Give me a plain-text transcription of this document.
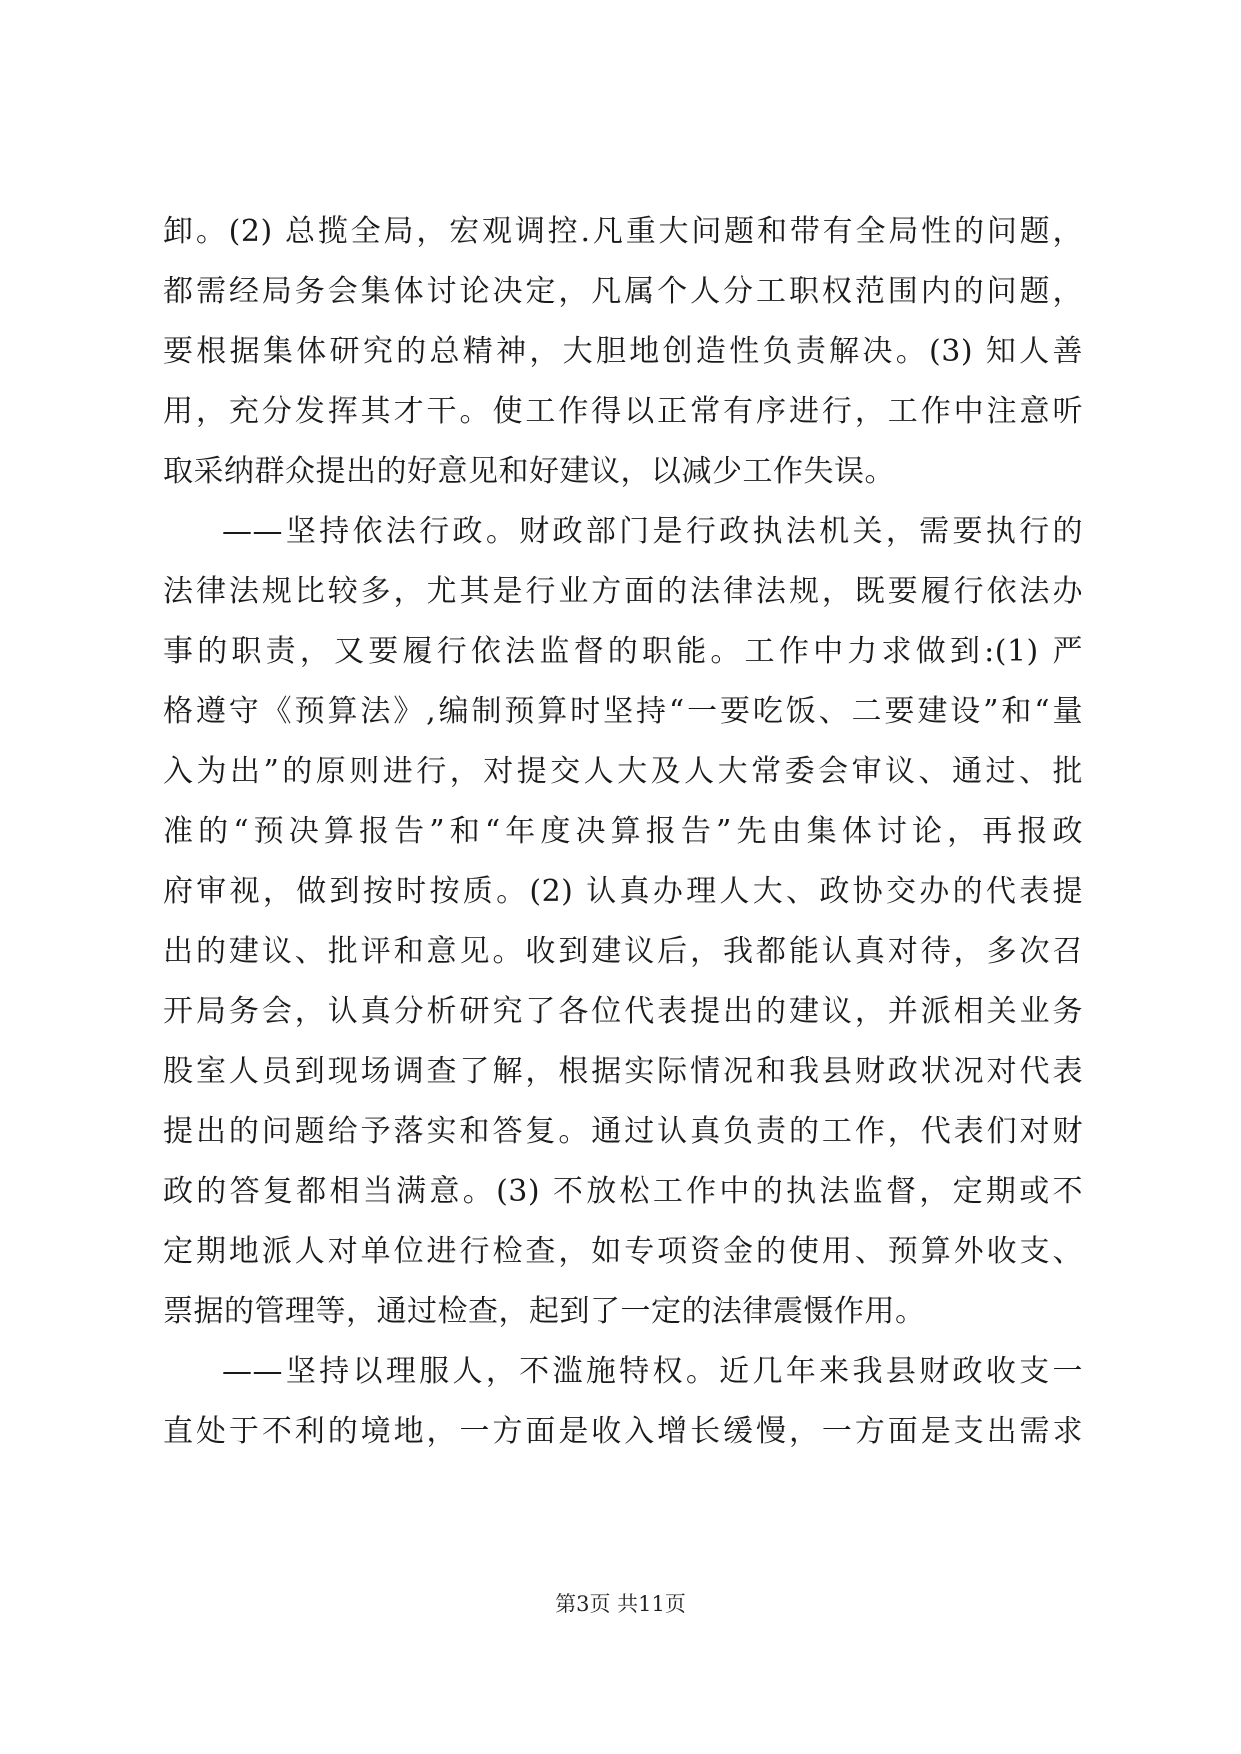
卸。(2) 总揽全局，宏观调控.凡重大问题和带有全局性的问题，
都需经局务会集体讨论决定，凡属个人分工职权范围内的问题，
要根据集体研究的总精神，大胆地创造性负责解决。(3) 知人善
用，充分发挥其才干。使工作得以正常有序进行，工作中注意听
取采纳群众提出的好意见和好建议，以减少工作失误。
——坚持依法行政。财政部门是行政执法机关，需要执行的
法律法规比较多，尤其是行业方面的法律法规，既要履行依法办
事的职责，又要履行依法监督的职能。工作中力求做到:(1) 严
格遵守《预算法》,编制预算时坚持“一要吃饭、二要建设”和“量
入为出”的原则进行，对提交人大及人大常委会审议、通过、批
准的“预决算报告”和“年度决算报告”先由集体讨论，再报政
府审视，做到按时按质。(2) 认真办理人大、政协交办的代表提
出的建议、批评和意见。收到建议后，我都能认真对待，多次召
开局务会，认真分析研究了各位代表提出的建议，并派相关业务
股室人员到现场调查了解，根据实际情况和我县财政状况对代表
提出的问题给予落实和答复。通过认真负责的工作，代表们对财
政的答复都相当满意。(3) 不放松工作中的执法监督，定期或不
定期地派人对单位进行检查，如专项资金的使用、预算外收支、
票据的管理等，通过检查，起到了一定的法律震慑作用。
——坚持以理服人，不滥施特权。近几年来我县财政收支一
直处于不利的境地，一方面是收入增长缓慢，一方面是支出需求
第3页 共11页
